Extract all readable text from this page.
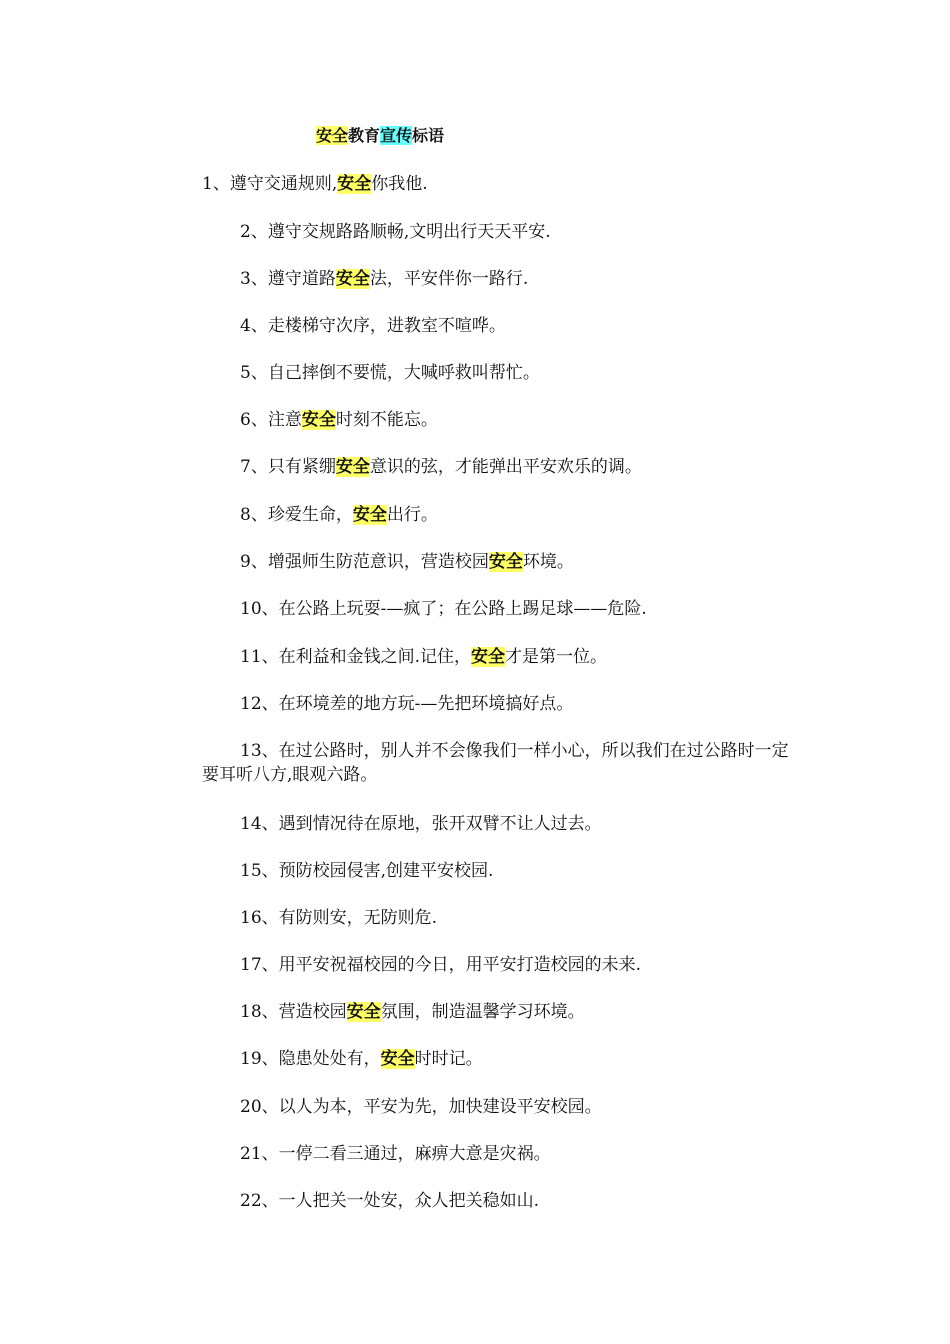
安全教育宣传标语
1、遵守交通规则,安全你我他.
2、遵守交规路路顺畅,文明出行天天平安.
3、遵守道路安全法，平安伴你一路行.
4、走楼梯守次序，进教室不喧哗。
5、自己摔倒不要慌，大喊呼救叫帮忙。
6、注意安全时刻不能忘。
7、只有紧绷安全意识的弦，才能弹出平安欢乐的调。
8、珍爱生命，安全出行。
9、增强师生防范意识，营造校园安全环境。
10、在公路上玩耍-—疯了；在公路上踢足球——危险.
11、在利益和金钱之间.记住，安全才是第一位。
12、在环境差的地方玩-—先把环境搞好点。
13、在过公路时，别人并不会像我们一样小心，所以我们在过公路时一定要耳听八方,眼观六路。
14、遇到情况待在原地，张开双臂不让人过去。
15、预防校园侵害,创建平安校园.
16、有防则安，无防则危.
17、用平安祝福校园的今日，用平安打造校园的未来.
18、营造校园安全氛围，制造温馨学习环境。
19、隐患处处有，安全时时记。
20、以人为本，平安为先，加快建设平安校园。
21、一停二看三通过，麻痹大意是灾祸。
22、一人把关一处安，众人把关稳如山.
